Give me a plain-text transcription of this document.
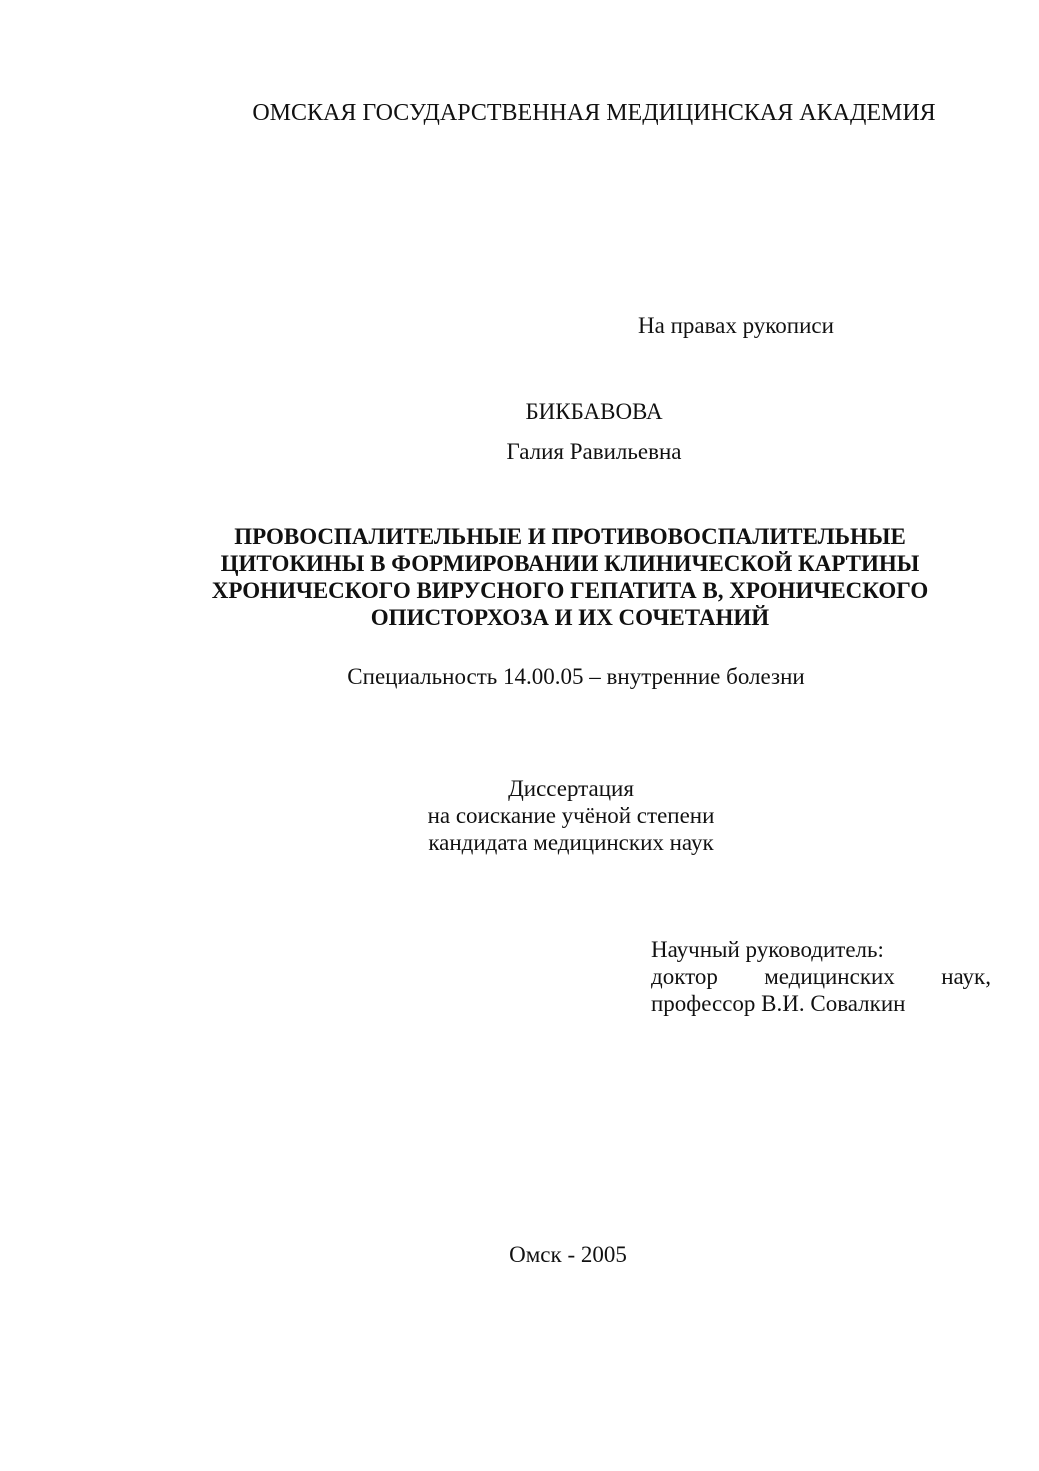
ОМСКАЯ ГОСУДАРСТВЕННАЯ МЕДИЦИНСКАЯ АКАДЕМИЯ
На правах рукописи
БИКБАВОВА
Галия Равильевна
ПРОВОСПАЛИТЕЛЬНЫЕ И ПРОТИВОВОСПАЛИТЕЛЬНЫЕ
ЦИТОКИНЫ В ФОРМИРОВАНИИ КЛИНИЧЕСКОЙ КАРТИНЫ
ХРОНИЧЕСКОГО ВИРУСНОГО ГЕПАТИТА В, ХРОНИЧЕСКОГО
ОПИСТОРХОЗА И ИХ СОЧЕТАНИЙ
Специальность 14.00.05 – внутренние болезни
Диссертация
на соискание учёной степени
кандидата медицинских наук
Научный руководитель:
доктор медицинских наук,
профессор В.И. Совалкин
Омск - 2005
